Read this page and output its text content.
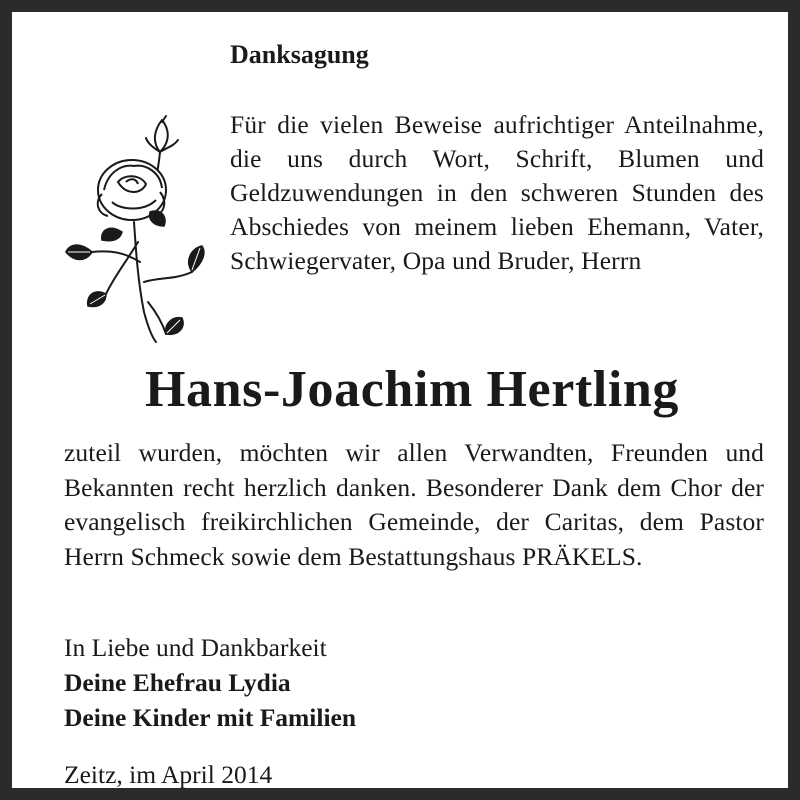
Danksagung

Für die vielen Beweise aufrichtiger Anteilnahme, die uns durch Wort, Schrift, Blumen und Geldzuwendungen in den schweren Stunden des Abschiedes von meinem lieben Ehemann, Vater, Schwiegervater, Opa und Bruder, Herrn

Hans-Joachim Hertling

zuteil wurden, möchten wir allen Verwandten, Freunden und Bekannten recht herzlich danken. Besonderer Dank dem Chor der evangelisch freikirchlichen Gemeinde, der Caritas, dem Pastor Herrn Schmeck sowie dem Bestattungshaus PRÄKELS.

In Liebe und Dankbarkeit
Deine Ehefrau Lydia
Deine Kinder mit Familien

Zeitz, im April 2014
